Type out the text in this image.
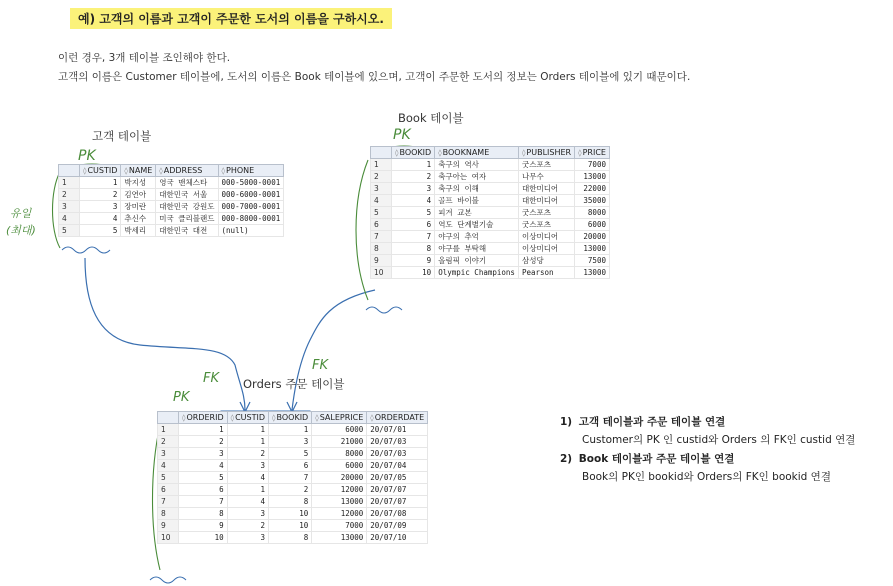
예) 고객의 이름과 고객이 주문한 도서의 이름을 구하시오.
이런 경우, 3개 테이블 조인해야 한다.
고객의 이름은 Customer 테이블에, 도서의 이름은 Book 테이블에 있으며, 고객이 주문한 도서의 정보는 Orders 테이블에 있기 때문이다.
PK
PK
PK
FK
FK
유일
(최대)
고객 테이블
	◊CUSTID	◊NAME	◊ADDRESS	◊PHONE
1	1	박지성	영국 맨체스타	000-5000-0001
2	2	김연아	대한민국 서울	000-6000-0001
3	3	장미란	대한민국 강원도	000-7000-0001
4	4	추신수	미국 클리블랜드	000-8000-0001
5	5	박세리	대한민국 대전	(null)
Book 테이블
	◊BOOKID	◊BOOKNAME	◊PUBLISHER	◊PRICE
1	1	축구의 역사	굿스포츠	7000
2	2	축구아는 여자	나무수	13000
3	3	축구의 이해	대한미디어	22000
4	4	골프 바이블	대한미디어	35000
5	5	피겨 교본	굿스포츠	8000
6	6	역도 단계별기술	굿스포츠	6000
7	7	야구의 추억	이상미디어	20000
8	8	야구를 부탁해	이상미디어	13000
9	9	올림픽 이야기	삼성당	7500
10	10	Olympic Champions	Pearson	13000
Orders 주문 테이블
	◊ORDERID	◊CUSTID	◊BOOKID	◊SALEPRICE	◊ORDERDATE
1	1	1	1	6000	20/07/01
2	2	1	3	21000	20/07/03
3	3	2	5	8000	20/07/03
4	4	3	6	6000	20/07/04
5	5	4	7	20000	20/07/05
6	6	1	2	12000	20/07/07
7	7	4	8	13000	20/07/07
8	8	3	10	12000	20/07/08
9	9	2	10	7000	20/07/09
10	10	3	8	13000	20/07/10
1) 고객 테이블과 주문 테이블 연결
Customer의 PK 인 custid와 Orders 의 FK인 custid 연결
2) Book 테이블과 주문 테이블 연결
Book의 PK인 bookid와 Orders의 FK인 bookid 연결
